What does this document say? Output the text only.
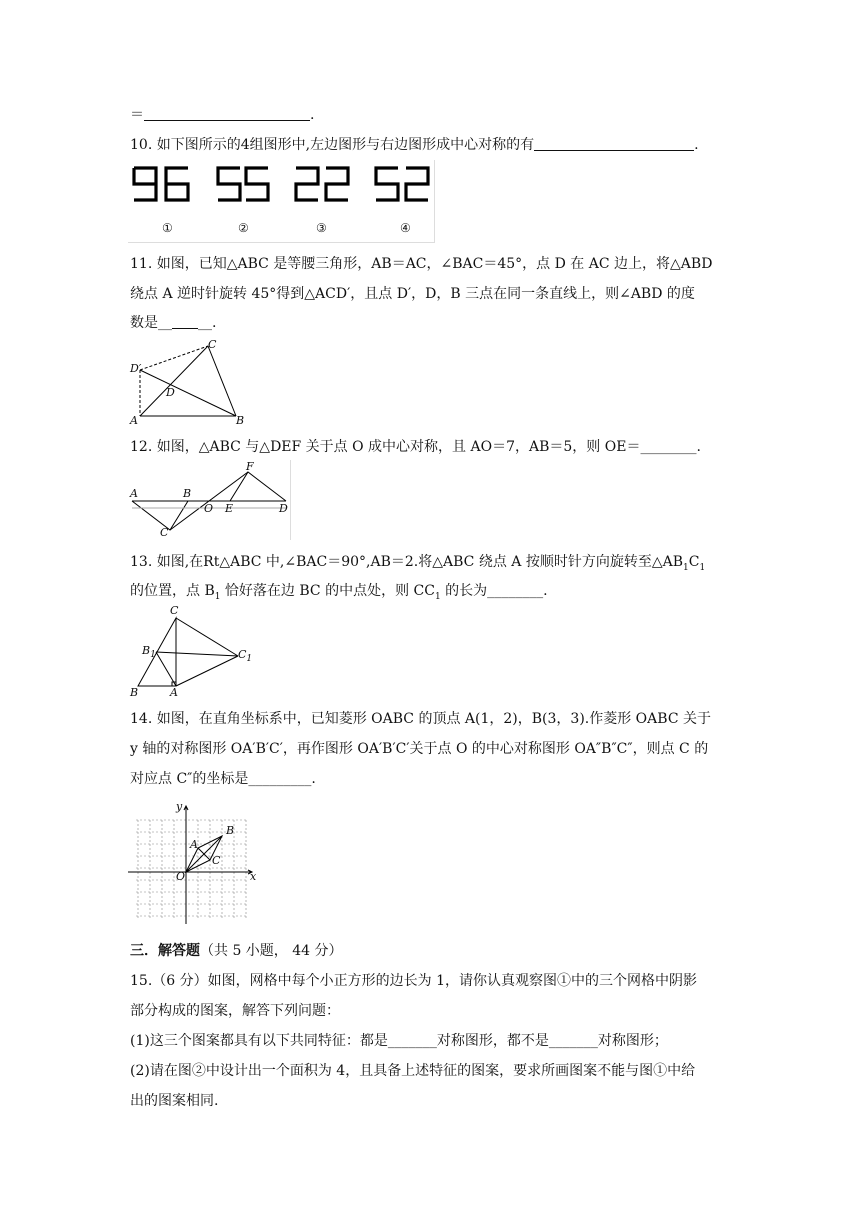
＝	.
10. 如下图所示的4组图形中,左边图形与右边图形成中心对称的有	.
①	②	③	④
11. 如图，已知△ABC 是等腰三角形，AB＝AC，∠BAC＝45°，点 D 在 AC 边上，将△ABD
绕点 A 逆时针旋转 45°得到△ACD′，且点 D′，D，B 三点在同一条直线上，则∠ABD 的度
数是__ __.
C
D′
D
A	B
12. 如图，△ABC 与△DEF 关于点 O 成中心对称，且 AO＝7，AB＝5，则 OE＝________.
A	B
O E	D
F
C
13. 如图,在Rt△ABC 中,∠BAC＝90°,AB＝2.将△ABC 绕点 A 按顺时针方向旋转至$\triangle AB_1C_1$
的位置，点 $B_1$ 恰好落在边 BC 的中点处，则 $CC_1$ 的长为________.
C
$B_1$	$C_1$
B	A
14. 如图，在直角坐标系中，已知菱形 OABC 的顶点 A(1，2)，B(3，3).作菱形 OABC 关于
y 轴的对称图形 OA′B′C′，再作图形 OA′B′C′关于点 O 的中心对称图形 OA″B″C″，则点 C 的
对应点 C″的坐标是_________.
y
x
O
A
B
C
三．解答题（共 5 小题， 44 分）
15.（6 分）如图，网格中每个小正方形的边长为 1，请你认真观察图①中的三个网格中阴影
部分构成的图案，解答下列问题：
(1)这三个图案都具有以下共同特征：都是_______对称图形，都不是_______对称图形；
(2)请在图②中设计出一个面积为 4，且具备上述特征的图案，要求所画图案不能与图①中给
出的图案相同.
